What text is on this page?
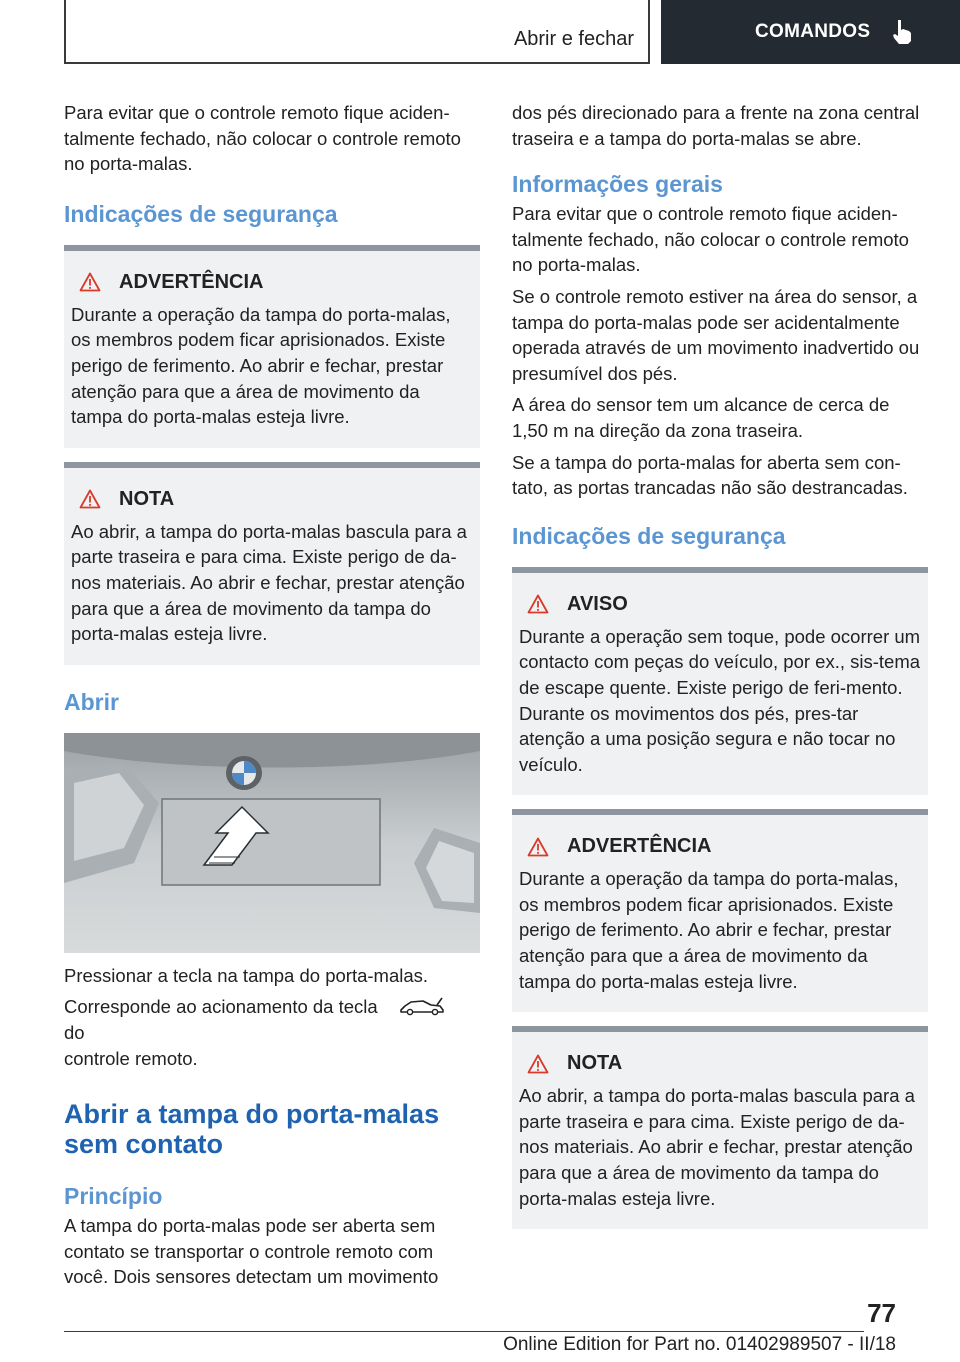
Abrir e fechar	COMANDOS

Para evitar que o controle remoto fique aciden-talmente fechado, não colocar o controle remoto no porta-malas.

Indicações de segurança
ADVERTÊNCIA

Durante a operação da tampa do porta-malas, os membros podem ficar aprisionados. Existe perigo de ferimento. Ao abrir e fechar, prestar atenção para que a área de movimento da tampa do porta-malas esteja livre.

NOTA

Ao abrir, a tampa do porta-malas bascula para a parte traseira e para cima. Existe perigo de da-nos materiais. Ao abrir e fechar, prestar atenção para que a área de movimento da tampa do porta-malas esteja livre.

Abrir

Pressionar a tecla na tampa do porta-malas.

Corresponde ao acionamento da tecla  do
controle remoto.

Abrir a tampa do porta-malas sem contato
Princípio

A tampa do porta-malas pode ser aberta sem contato se transportar o controle remoto com você. Dois sensores detectam um movimento

dos pés direcionado para a frente na zona central traseira e a tampa do porta-malas se abre.

Informações gerais

Para evitar que o controle remoto fique aciden-talmente fechado, não colocar o controle remoto no porta-malas.

Se o controle remoto estiver na área do sensor, a tampa do porta-malas pode ser acidentalmente operada através de um movimento inadvertido ou presumível dos pés.

A área do sensor tem um alcance de cerca de 1,50 m na direção da zona traseira.

Se a tampa do porta-malas for aberta sem con-tato, as portas trancadas não são destrancadas.

Indicações de segurança
AVISO

Durante a operação sem toque, pode ocorrer um contacto com peças do veículo, por ex., sis-tema de escape quente. Existe perigo de feri-mento. Durante os movimentos dos pés, pres-tar atenção a uma posição segura e não tocar no veículo.

ADVERTÊNCIA

Durante a operação da tampa do porta-malas, os membros podem ficar aprisionados. Existe perigo de ferimento. Ao abrir e fechar, prestar atenção para que a área de movimento da tampa do porta-malas esteja livre.

NOTA

Ao abrir, a tampa do porta-malas bascula para a parte traseira e para cima. Existe perigo de da-nos materiais. Ao abrir e fechar, prestar atenção para que a área de movimento da tampa do porta-malas esteja livre.

77
Online Edition for Part no. 01402989507 - II/18
